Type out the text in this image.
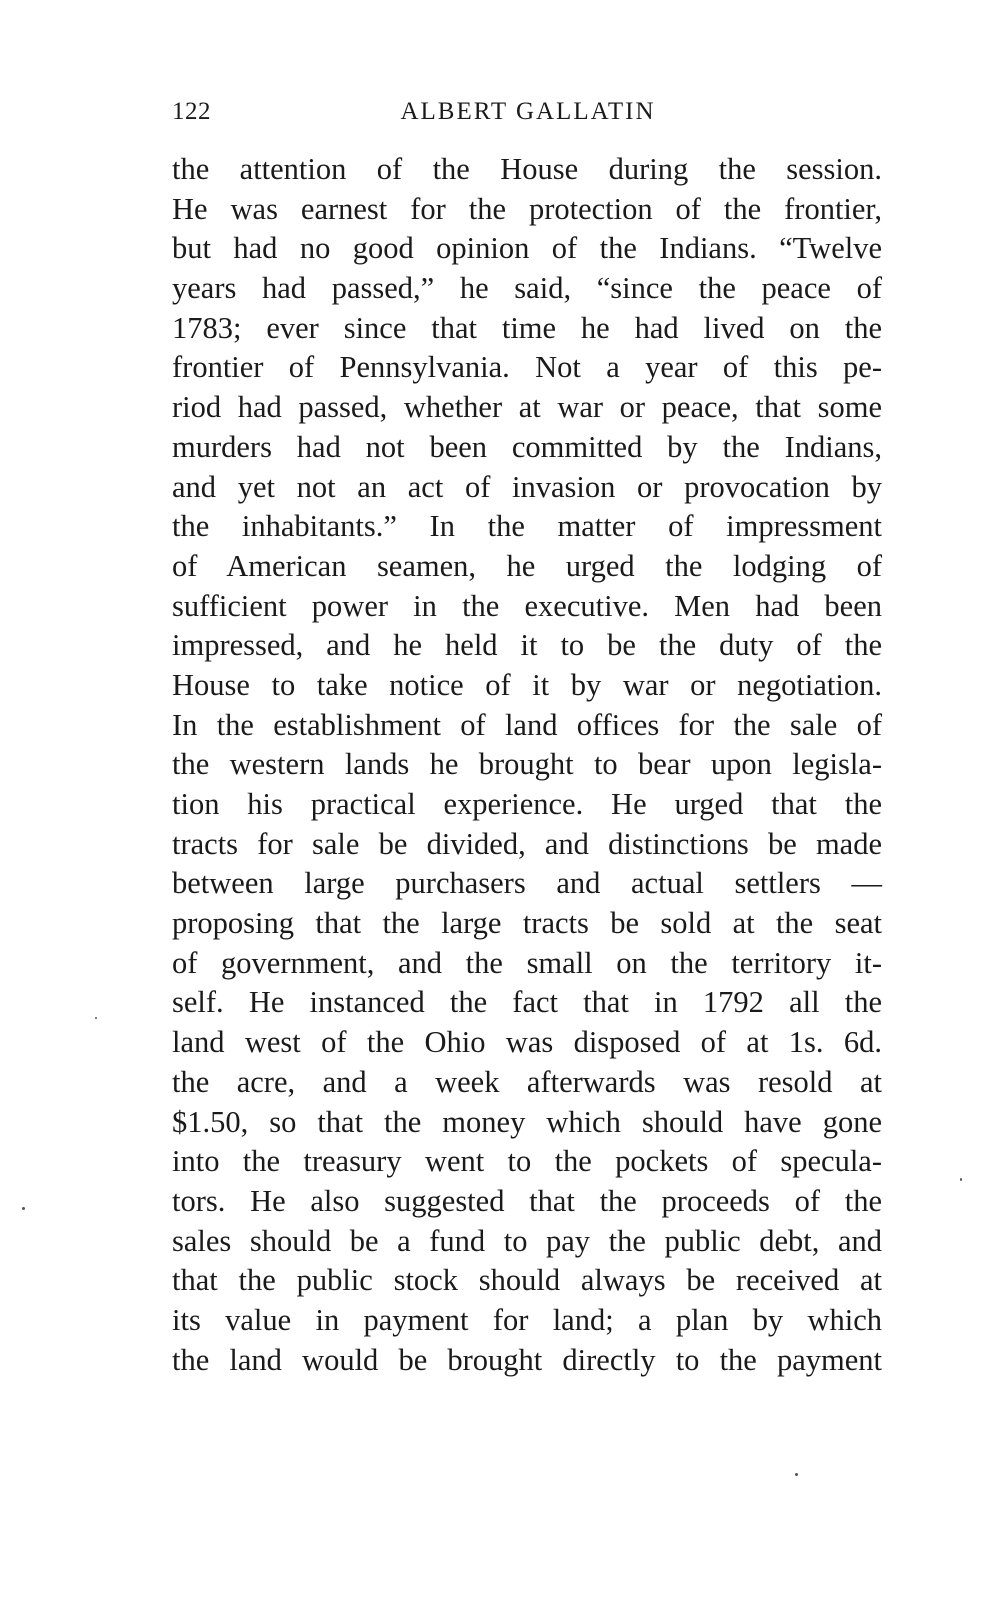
122	ALBERT GALLATIN
the attention of the House during the session.
He was earnest for the protection of the frontier,
but had no good opinion of the Indians. “Twelve
years had passed,” he said, “since the peace of
1783; ever since that time he had lived on the
frontier of Pennsylvania. Not a year of this pe-
riod had passed, whether at war or peace, that some
murders had not been committed by the Indians,
and yet not an act of invasion or provocation by
the inhabitants.” In the matter of impressment
of American seamen, he urged the lodging of
sufficient power in the executive. Men had been
impressed, and he held it to be the duty of the
House to take notice of it by war or negotiation.
In the establishment of land offices for the sale of
the western lands he brought to bear upon legisla-
tion his practical experience. He urged that the
tracts for sale be divided, and distinctions be made
between large purchasers and actual settlers —
proposing that the large tracts be sold at the seat
of government, and the small on the territory it-
self. He instanced the fact that in 1792 all the
land west of the Ohio was disposed of at 1s. 6d.
the acre, and a week afterwards was resold at
$1.50, so that the money which should have gone
into the treasury went to the pockets of specula-
tors. He also suggested that the proceeds of the
sales should be a fund to pay the public debt, and
that the public stock should always be received at
its value in payment for land; a plan by which
the land would be brought directly to the payment
